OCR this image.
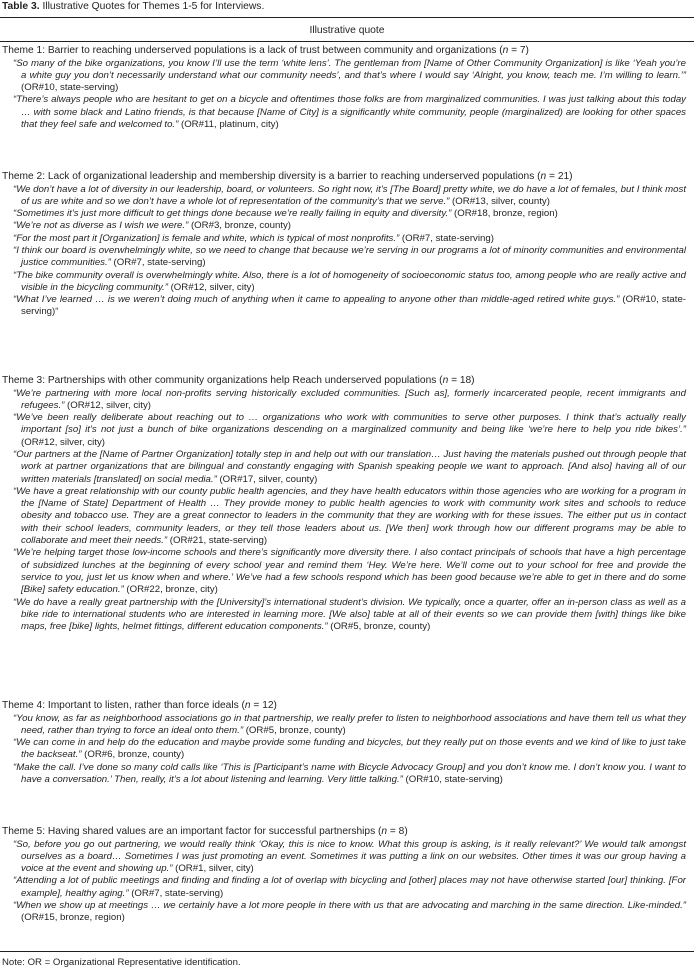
Table 3. Illustrative Quotes for Themes 1-5 for Interviews.
Illustrative quote
Theme 1: Barrier to reaching underserved populations is a lack of trust between community and organizations (n = 7)
“So many of the bike organizations, you know I’ll use the term ‘white lens’. The gentleman from [Name of Other Community Organization] is like ‘Yeah you’re a white guy you don’t necessarily understand what our community needs’, and that’s where I would say ‘Alright, you know, teach me. I’m willing to learn.’” (OR#10, state-serving)
“There’s always people who are hesitant to get on a bicycle and oftentimes those folks are from marginalized communities. I was just talking about this today … with some black and Latino friends, is that because [Name of City] is a significantly white community, people (marginalized) are looking for other spaces that they feel safe and welcomed to.” (OR#11, platinum, city)
Theme 2: Lack of organizational leadership and membership diversity is a barrier to reaching underserved populations (n = 21)
“We don’t have a lot of diversity in our leadership, board, or volunteers. So right now, it’s [The Board] pretty white, we do have a lot of females, but I think most of us are white and so we don’t have a whole lot of representation of the community’s that we serve.” (OR#13, silver, county)
“Sometimes it’s just more difficult to get things done because we’re really failing in equity and diversity.” (OR#18, bronze, region)
“We’re not as diverse as I wish we were.” (OR#3, bronze, county)
“For the most part it [Organization] is female and white, which is typical of most nonprofits.” (OR#7, state-serving)
“I think our board is overwhelmingly white, so we need to change that because we’re serving in our programs a lot of minority communities and environmental justice communities.” (OR#7, state-serving)
“The bike community overall is overwhelmingly white. Also, there is a lot of homogeneity of socioeconomic status too, among people who are really active and visible in the bicycling community.” (OR#12, silver, city)
“What I’ve learned … is we weren’t doing much of anything when it came to appealing to anyone other than middle-aged retired white guys.” (OR#10, state-serving)“
Theme 3: Partnerships with other community organizations help Reach underserved populations (n = 18)
“We’re partnering with more local non-profits serving historically excluded communities. [Such as], formerly incarcerated people, recent immigrants and refugees.” (OR#12, silver, city)
“We’ve been really deliberate about reaching out to … organizations who work with communities to serve other purposes. I think that’s actually really important [so] it’s not just a bunch of bike organizations descending on a marginalized community and being like ‘we’re here to help you ride bikes’.” (OR#12, silver, city)
“Our partners at the [Name of Partner Organization] totally step in and help out with our translation… Just having the materials pushed out through people that work at partner organizations that are bilingual and constantly engaging with Spanish speaking people we want to approach. [And also] having all of our written materials [translated] on social media.” (OR#17, silver, county)
“We have a great relationship with our county public health agencies, and they have health educators within those agencies who are working for a program in the [Name of State] Department of Health … They provide money to public health agencies to work with community work sites and schools to reduce obesity and tobacco use. They are a great connector to leaders in the community that they are working with for these issues. The either put us in contact with their school leaders, community leaders, or they tell those leaders about us. [We then] work through how our different programs may be able to collaborate and meet their needs.” (OR#21, state-serving)
“We’re helping target those low-income schools and there’s significantly more diversity there. I also contact principals of schools that have a high percentage of subsidized lunches at the beginning of every school year and remind them ‘Hey. We’re here. We’ll come out to your school for free and provide the service to you, just let us know when and where.’ We’ve had a few schools respond which has been good because we’re able to get in there and do some [Bike] safety education.” (OR#22, bronze, city)
“We do have a really great partnership with the [University]’s international student’s division. We typically, once a quarter, offer an in-person class as well as a bike ride to international students who are interested in learning more. [We also] table at all of their events so we can provide them [with] things like bike maps, free [bike] lights, helmet fittings, different education components.” (OR#5, bronze, county)
Theme 4: Important to listen, rather than force ideals (n = 12)
“You know, as far as neighborhood associations go in that partnership, we really prefer to listen to neighborhood associations and have them tell us what they need, rather than trying to force an ideal onto them.” (OR#5, bronze, county)
“We can come in and help do the education and maybe provide some funding and bicycles, but they really put on those events and we kind of like to just take the backseat.” (OR#6, bronze, county)
“Make the call. I’ve done so many cold calls like ‘This is [Participant’s name with Bicycle Advocacy Group] and you don’t know me. I don’t know you. I want to have a conversation.’ Then, really, it’s a lot about listening and learning. Very little talking.” (OR#10, state-serving)
Theme 5: Having shared values are an important factor for successful partnerships (n = 8)
“So, before you go out partnering, we would really think ‘Okay, this is nice to know. What this group is asking, is it really relevant?’ We would talk amongst ourselves as a board… Sometimes I was just promoting an event. Sometimes it was putting a link on our websites. Other times it was our group having a voice at the event and showing up.” (OR#1, silver, city)
“Attending a lot of public meetings and finding and finding a lot of overlap with bicycling and [other] places may not have otherwise started [our] thinking. [For example], healthy aging.” (OR#7, state-serving)
“When we show up at meetings … we certainly have a lot more people in there with us that are advocating and marching in the same direction. Like-minded.” (OR#15, bronze, region)
Note: OR = Organizational Representative identification.
